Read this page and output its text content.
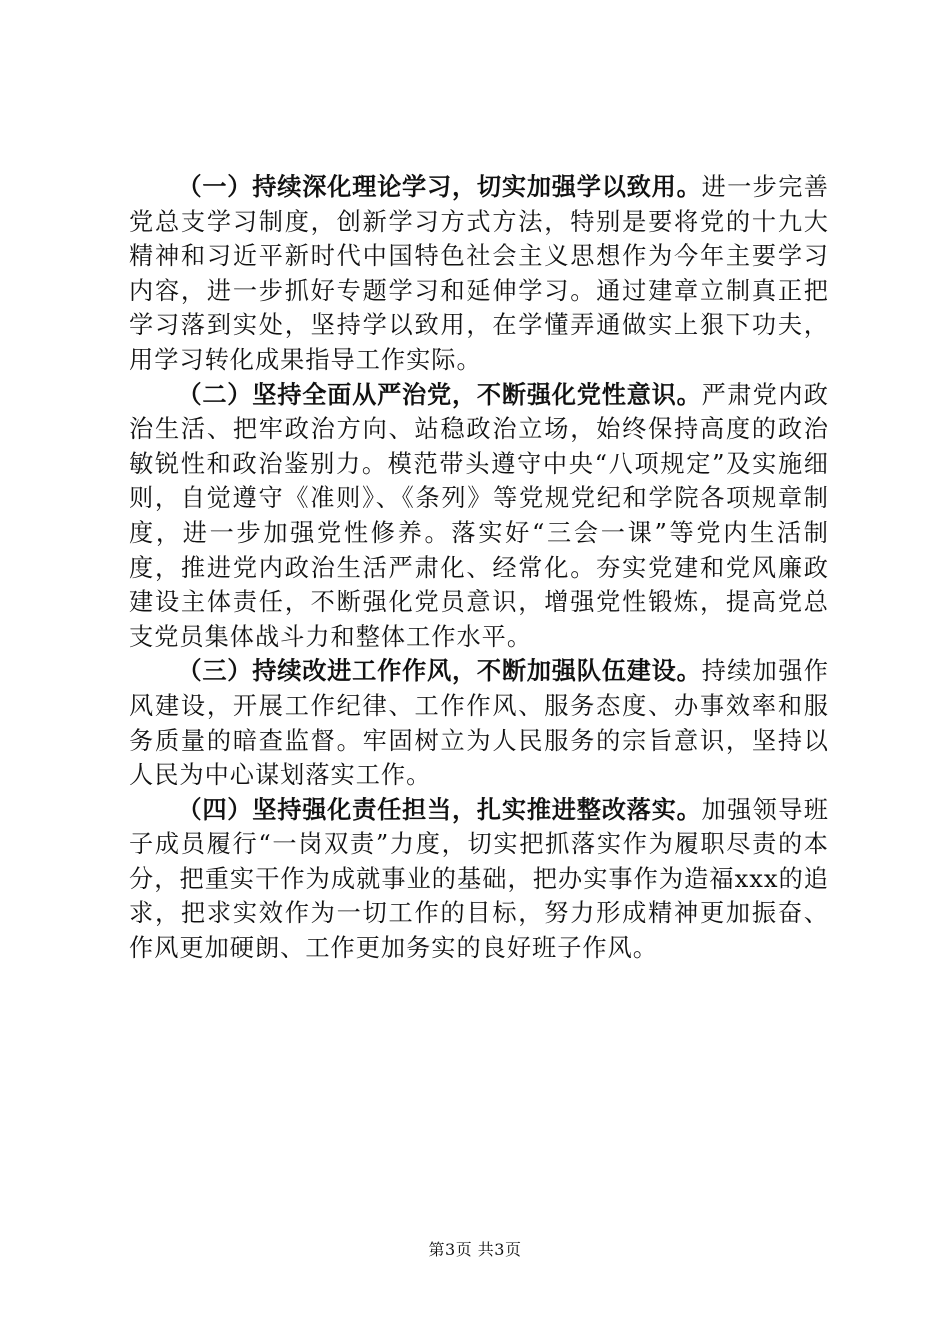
（一）持续深化理论学习，切实加强学以致用。进一步完善党总支学习制度，创新学习方式方法，特别是要将党的十九大精神和习近平新时代中国特色社会主义思想作为今年主要学习内容，进一步抓好专题学习和延伸学习。通过建章立制真正把学习落到实处，坚持学以致用，在学懂弄通做实上狠下功夫，用学习转化成果指导工作实际。

（二）坚持全面从严治党，不断强化党性意识。严肃党内政治生活、把牢政治方向、站稳政治立场，始终保持高度的政治敏锐性和政治鉴别力。模范带头遵守中央“八项规定”及实施细则，自觉遵守《准则》、《条列》等党规党纪和学院各项规章制度，进一步加强党性修养。落实好“三会一课”等党内生活制度，推进党内政治生活严肃化、经常化。夯实党建和党风廉政建设主体责任，不断强化党员意识，增强党性锻炼，提高党总支党员集体战斗力和整体工作水平。

（三）持续改进工作作风，不断加强队伍建设。持续加强作风建设，开展工作纪律、工作作风、服务态度、办事效率和服务质量的暗查监督。牢固树立为人民服务的宗旨意识，坚持以人民为中心谋划落实工作。

（四）坚持强化责任担当，扎实推进整改落实。加强领导班子成员履行“一岗双责”力度，切实把抓落实作为履职尽责的本分，把重实干作为成就事业的基础，把办实事作为造福xxx的追求，把求实效作为一切工作的目标，努力形成精神更加振奋、作风更加硬朗、工作更加务实的良好班子作风。

第3页 共3页
